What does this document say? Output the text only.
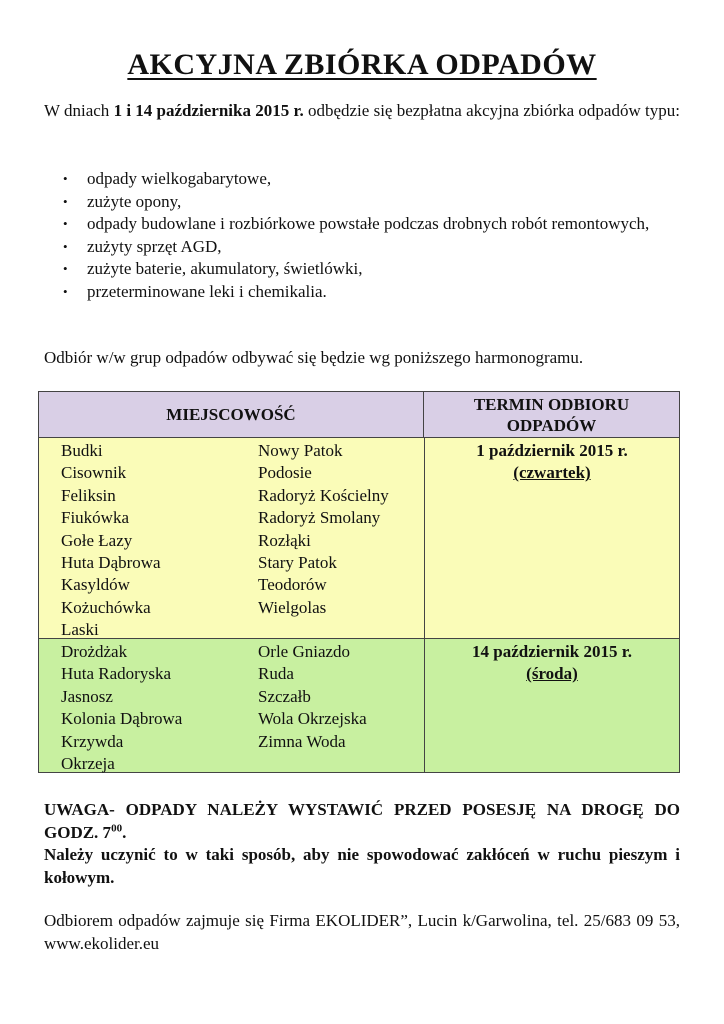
AKCYJNA ZBIÓRKA ODPADÓW
W dniach 1 i 14 października 2015 r. odbędzie się bezpłatna akcyjna zbiórka odpadów typu:
• odpady wielkogabarytowe,
• zużyte opony,
• odpady budowlane i rozbiórkowe powstałe podczas drobnych robót remontowych,
• zużyty sprzęt AGD,
• zużyte baterie, akumulatory, świetlówki,
• przeterminowane leki i chemikalia.
Odbiór w/w grup odpadów odbywać się będzie wg poniższego harmonogramu.
MIEJSCOWOŚĆ
TERMIN ODBIORU
ODPADÓW
Budki
Cisownik
Feliksin
Fiukówka
Gołe Łazy
Huta Dąbrowa
Kasyldów
Kożuchówka
Laski
Nowy Patok
Podosie
Radoryż Kościelny
Radoryż Smolany
Rozłąki
Stary Patok
Teodorów
Wielgolas
1 październik 2015 r.
(czwartek)
Drożdżak
Huta Radoryska
Jasnosz
Kolonia Dąbrowa
Krzywda
Okrzeja
Orle Gniazdo
Ruda
Szczałb
Wola Okrzejska
Zimna Woda
14 październik 2015 r.
(środa)

UWAGA- ODPADY NALEŻY WYSTAWIĆ PRZED POSESJĘ NA DROGĘ DO GODZ. $7^{00}$.

Należy uczynić to w taki sposób, aby nie spowodować zakłóceń w ruchu pieszym i kołowym.

Odbiorem odpadów zajmuje się Firma EKOLIDER”, Lucin k/Garwolina, tel. 25/683 09 53, www.ekolider.eu
